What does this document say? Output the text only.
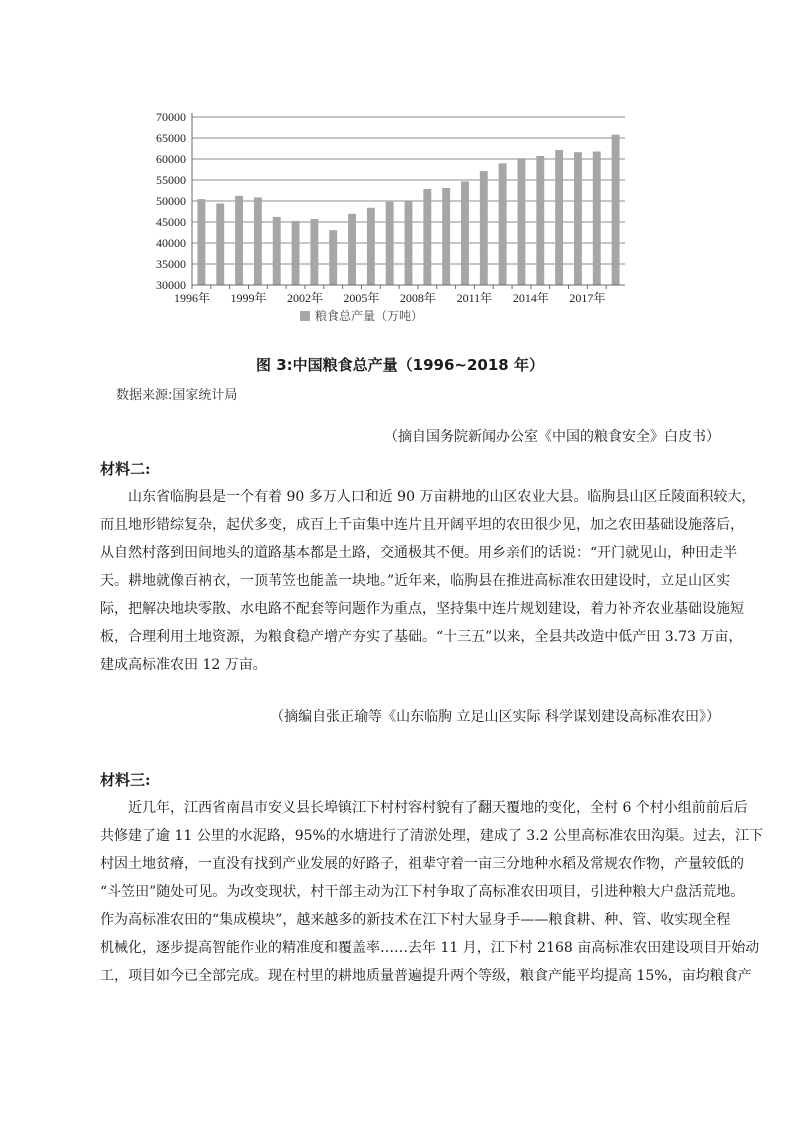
30000
35000
40000
45000
50000
55000
60000
65000
70000
1996年 1999年 2002年 2005年 2008年 2011年 2014年 2017年
粮食总产量（万吨）
图 3:中国粮食总产量（1996~2018 年）
数据来源:国家统计局
（摘自国务院新闻办公室《中国的粮食安全》白皮书）
材料二:
山东省临朐县是一个有着 90 多万人口和近 90 万亩耕地的山区农业大县。临朐县山区丘陵面积较大，
而且地形错综复杂，起伏多变，成百上千亩集中连片且开阔平坦的农田很少见，加之农田基础设施落后，
从自然村落到田间地头的道路基本都是土路，交通极其不便。用乡亲们的话说：“开门就见山，种田走半
天。耕地就像百衲衣，一顶苇笠也能盖一块地。”近年来，临朐县在推进高标准农田建设时，立足山区实
际，把解决地块零散、水电路不配套等问题作为重点，坚持集中连片规划建设，着力补齐农业基础设施短
板，合理利用土地资源，为粮食稳产增产夯实了基础。“十三五”以来，全县共改造中低产田 3.73 万亩，
建成高标准农田 12 万亩。
（摘编自张正瑜等《山东临朐 立足山区实际 科学谋划建设高标准农田》）
材料三:
近几年，江西省南昌市安义县长埠镇江下村村容村貌有了翻天覆地的变化，全村 6 个村小组前前后后
共修建了逾 11 公里的水泥路，95%的水塘进行了清淤处理，建成了 3.2 公里高标准农田沟渠。过去，江下
村因土地贫瘠，一直没有找到产业发展的好路子，祖辈守着一亩三分地种水稻及常规农作物，产量较低的
“斗笠田”随处可见。为改变现状，村干部主动为江下村争取了高标准农田项目，引进种粮大户盘活荒地。
作为高标准农田的“集成模块”，越来越多的新技术在江下村大显身手——粮食耕、种、管、收实现全程
机械化，逐步提高智能作业的精准度和覆盖率……去年 11 月，江下村 2168 亩高标准农田建设项目开始动
工，项目如今已全部完成。现在村里的耕地质量普遍提升两个等级，粮食产能平均提高 15%，亩均粮食产
